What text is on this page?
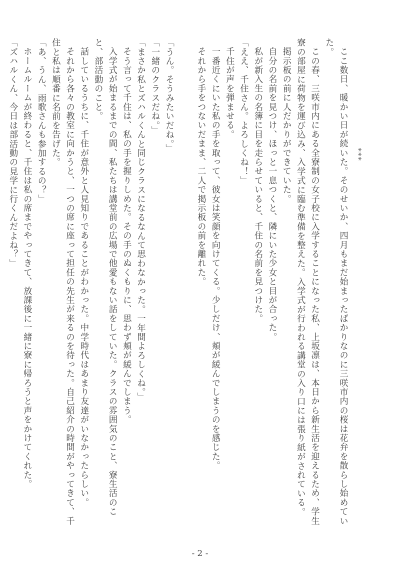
***

ここ数日、暖かい日が続いた。そのせいか、四月もまだ始まったばかりなのに三咲市内の桜は花弁を散らし始めていた。

この春、三咲市内にある全寮制の女子校に入学することになった私、上坂凛は、本日から新生活を迎えるため、学生寮の部屋に荷物を運び込み、入学式に臨む準備を整えた。入学式が行われる講堂の入り口には張り紙がされている。

掲示板の前に人だかりができていた。

自分の名前を見つけ、ほっと一息つくと、隣にいた少女と目が合った。

私が新入生の名簿に目を走らせていると、千住の名前を見つけた。

「ええ、千住さん。よろしくね！」

千住が声を弾ませる。

一番近くにいた私の手を取って、彼女は笑顔を向けてくる。少しだけ、頬が緩んでしまうのを感じた。

それから手をつないだまま、二人で掲示板の前を離れた。

「うん。そうみたいだね。」

「一緒のクラスだね。」

「まさか私とズハルくんと同じクラスになるなんて思わなかった。一年間よろしくね。」

そう言って千住は、私の手を握りしめた。その手のぬくもりに、思わず頬が緩んでしまう。

入学式が始まるまでの間、私たちは講堂前の広場で他愛もない話をしていた。クラスの雰囲気のこと、寮生活のこと、部活動のこと。

話しているうちに、千住が意外と人見知りであることがわかった。中学時代はあまり友達がいなかったらしい。

それから各々の教室に向かうと、一つの席に座って担任の先生が来るのを待った。自己紹介の時間がやってきて、千住と私は順番に名前を告げた。

「あ、うん、雨歌さんも参加するの？」

ホームルームが終わると、千住は私の席までやってきて、放課後に一緒に寮に帰ろうと声をかけてくれた。

「ズハルくん、今日は部活動の見学に行くんだよね？」

- 2 -
